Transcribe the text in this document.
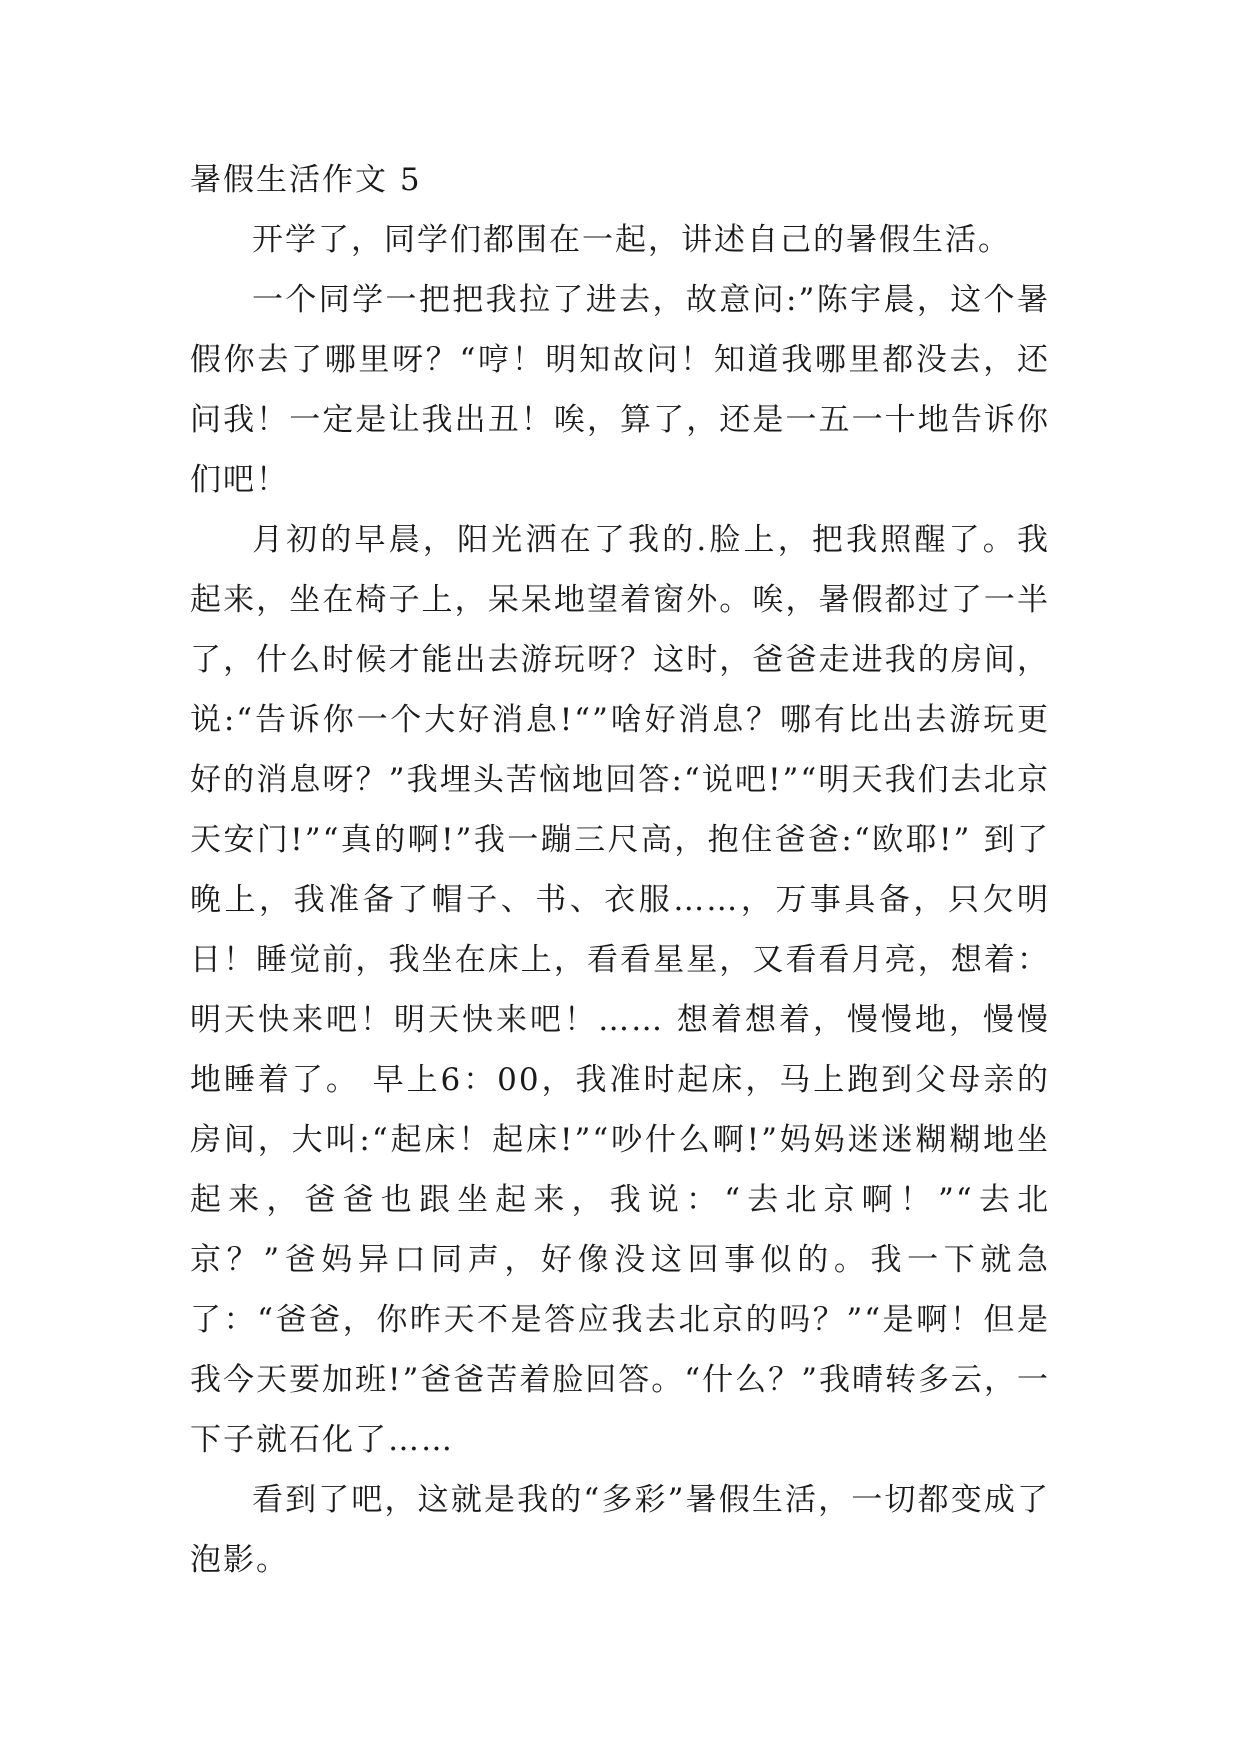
暑假生活作文 5

开学了，同学们都围在一起，讲述自己的暑假生活。

一个同学一把把我拉了进去，故意问:”陈宇晨，这个暑假你去了哪里呀？“哼！明知故问！知道我哪里都没去，还问我！一定是让我出丑！唉，算了，还是一五一十地告诉你们吧！

月初的早晨，阳光洒在了我的.脸上，把我照醒了。我起来，坐在椅子上，呆呆地望着窗外。唉，暑假都过了一半了，什么时候才能出去游玩呀？这时，爸爸走进我的房间，说:“告诉你一个大好消息!“”啥好消息？哪有比出去游玩更好的消息呀？”我埋头苦恼地回答:“说吧!”“明天我们去北京天安门!”“真的啊!”我一蹦三尺高，抱住爸爸:“欧耶!” 到了晚上，我准备了帽子、书、衣服……，万事具备，只欠明日！睡觉前，我坐在床上，看看星星，又看看月亮，想着：明天快来吧！明天快来吧！…… 想着想着，慢慢地，慢慢地睡着了。 早上6：00，我准时起床，马上跑到父母亲的房间，大叫:“起床！起床!”“吵什么啊!”妈妈迷迷糊糊地坐起来，爸爸也跟坐起来，我说：“去北京啊！”“去北京？”爸妈异口同声，好像没这回事似的。我一下就急了：“爸爸，你昨天不是答应我去北京的吗？”“是啊！但是我今天要加班!”爸爸苦着脸回答。“什么？”我晴转多云，一下子就石化了……

看到了吧，这就是我的“多彩”暑假生活，一切都变成了泡影。
